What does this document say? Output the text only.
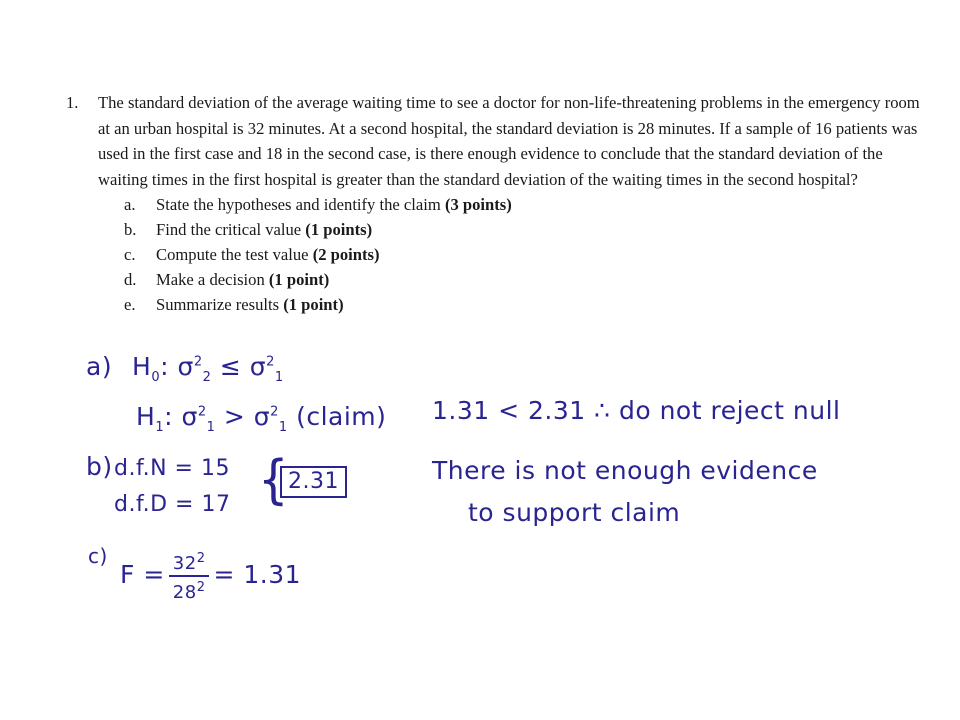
1. The standard deviation of the average waiting time to see a doctor for non-life-threatening problems in the emergency room at an urban hospital is 32 minutes. At a second hospital, the standard deviation is 28 minutes. If a sample of 16 patients was used in the first case and 18 in the second case, is there enough evidence to conclude that the standard deviation of the waiting times in the first hospital is greater than the standard deviation of the waiting times in the second hospital?
a. State the hypotheses and identify the claim (3 points)
b. Find the critical value (1 points)
c. Compute the test value (2 points)
d. Make a decision (1 point)
e. Summarize results (1 point)
a) $H_0$: $\sigma^2_2 \le \sigma^2_1$
$H_1$: $\sigma^2_1 > \sigma^2_1$ (claim)
b) d.f.N = 15
d.f.D = 17 { 2.31
c)
$F = \frac{32^2}{28^2} = 1.31$
1.31 < 2.31 ∴ do not reject null
There is not enough evidence
to support claim
